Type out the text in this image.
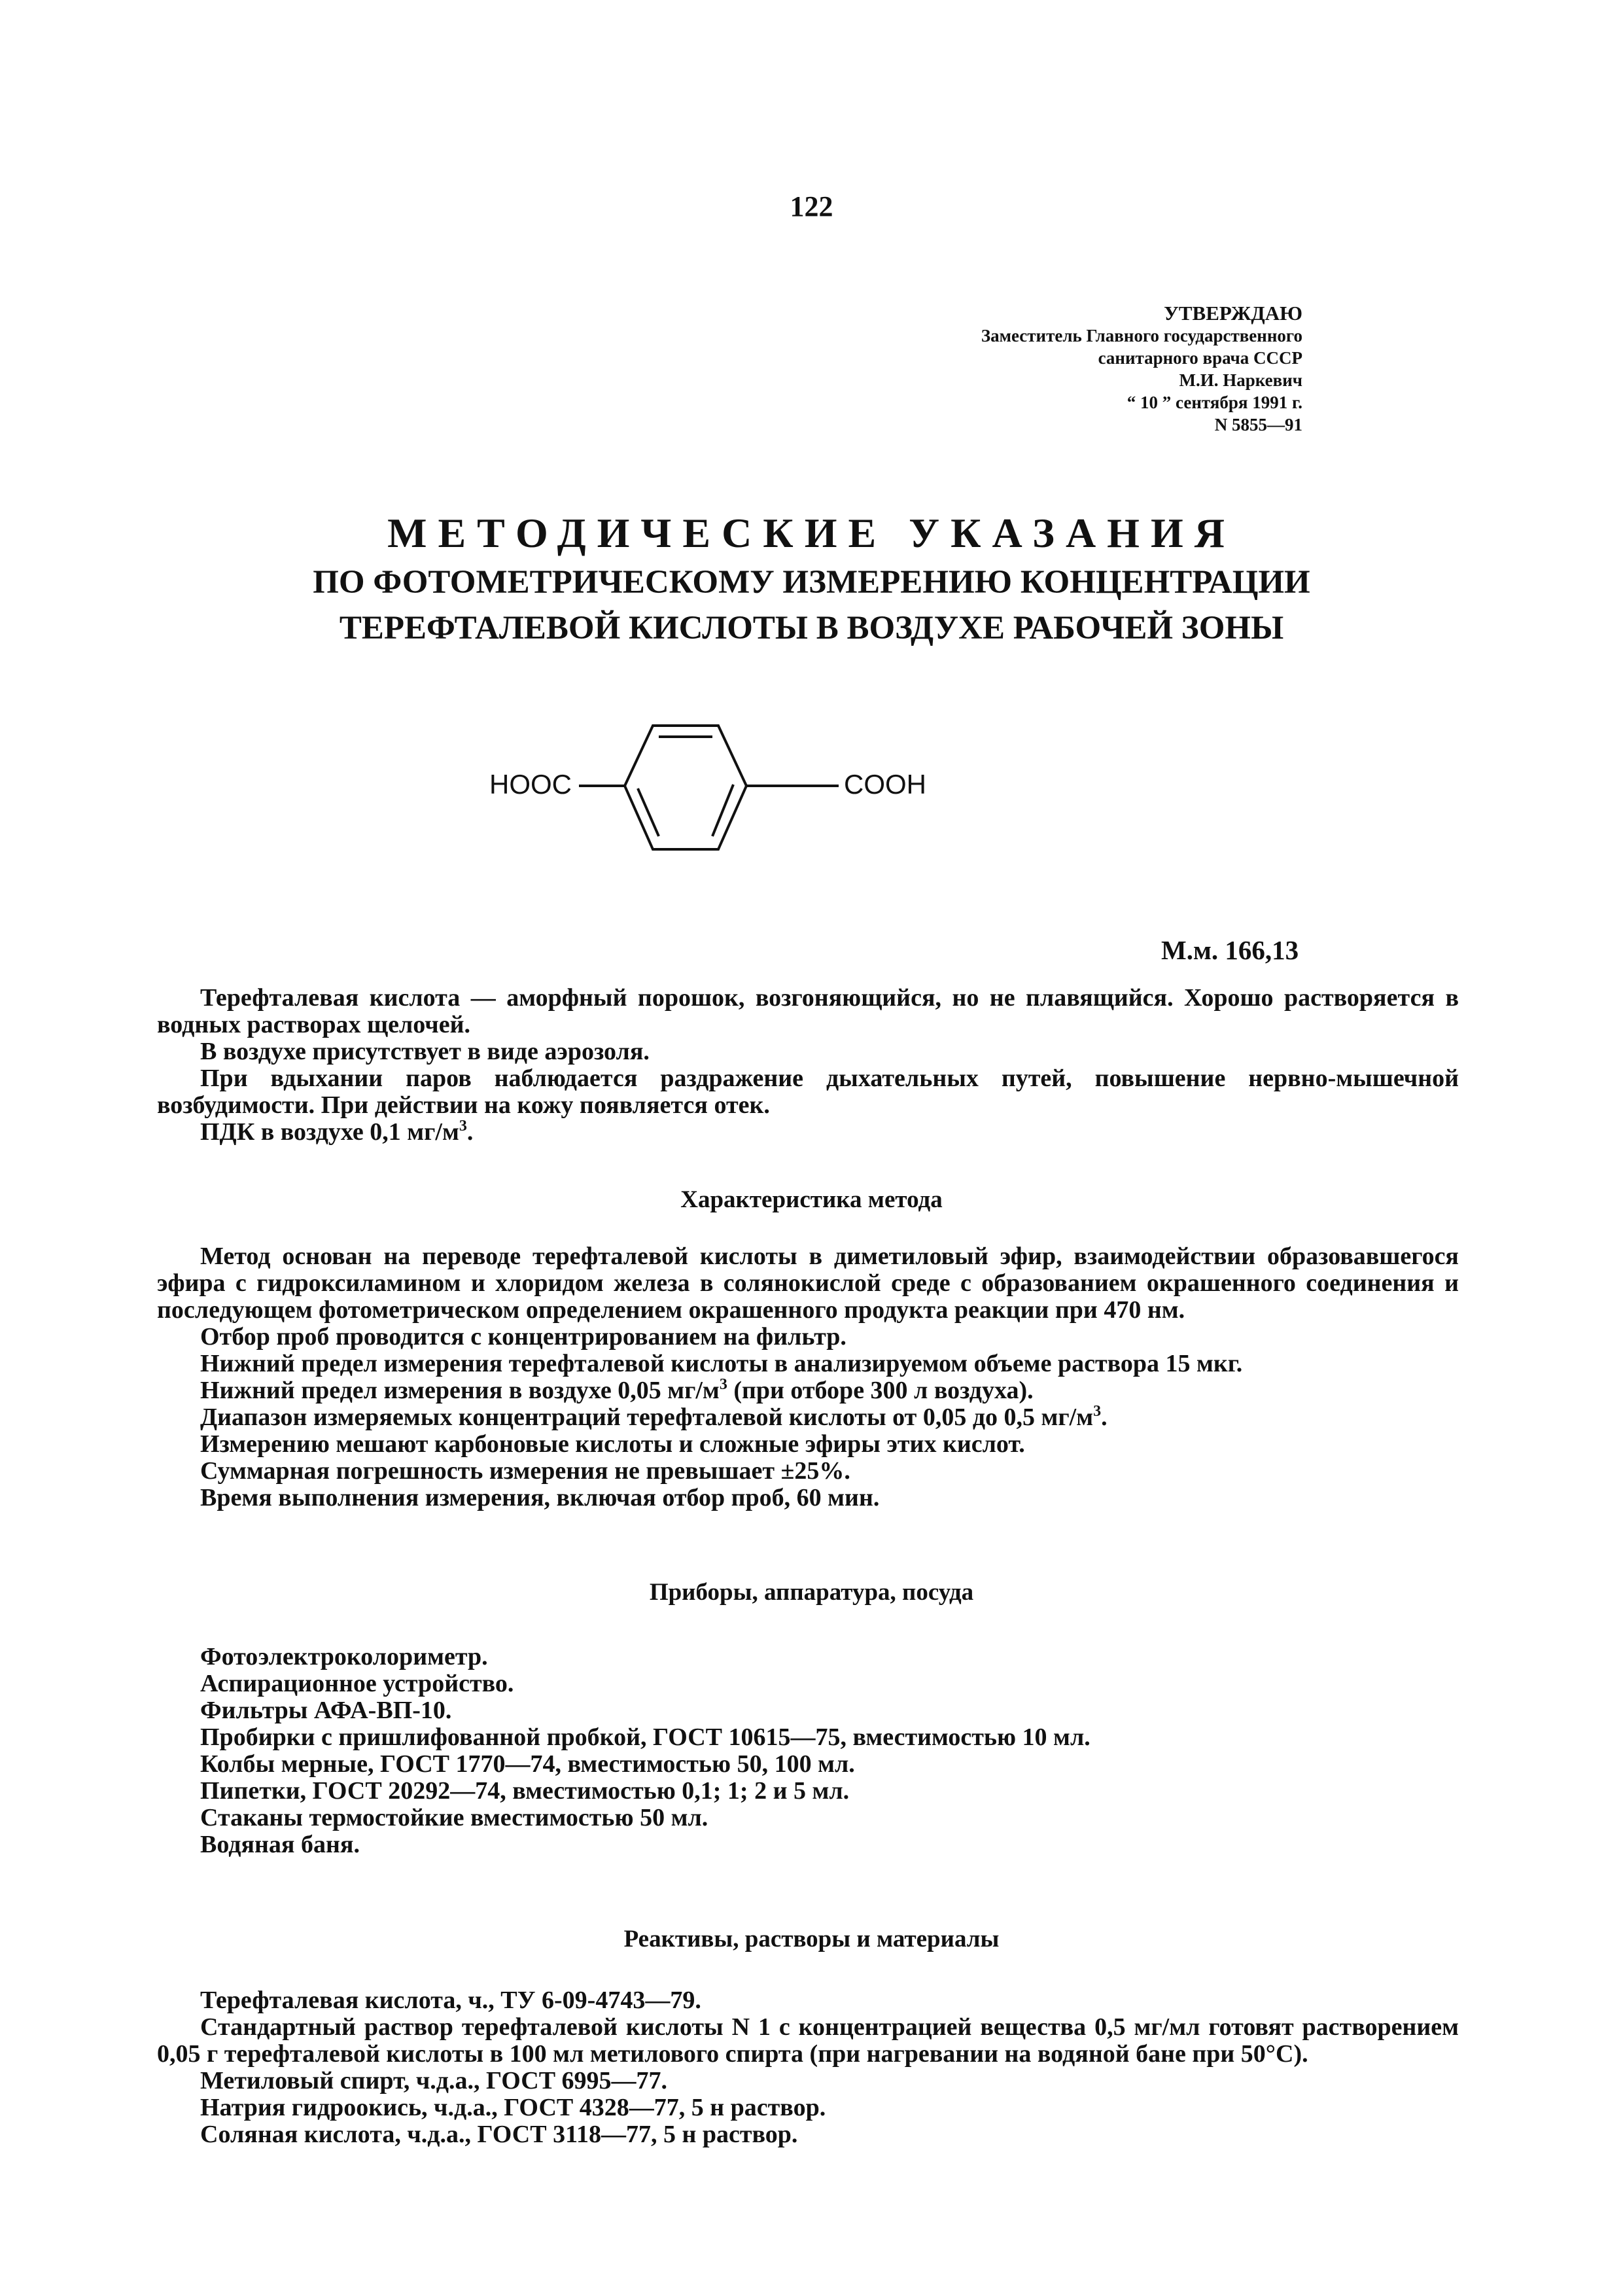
122
УТВЕРЖДАЮ
Заместитель Главного государственного
санитарного врача СССР
М.И. Наркевич
“ 10 ” сентября 1991 г.
N 5855—91
МЕТОДИЧЕСКИЕ УКАЗАНИЯ
ПО ФОТОМЕТРИЧЕСКОМУ ИЗМЕРЕНИЮ КОНЦЕНТРАЦИИ
ТЕРЕФТАЛЕВОЙ КИСЛОТЫ В ВОЗДУХЕ РАБОЧЕЙ ЗОНЫ
HOOC	COOH
М.м. 166,13

Терефталевая кислота — аморфный порошок, возгоняющийся, но не плавящийся. Хорошо растворяется в водных растворах щелочей.

В воздухе присутствует в виде аэрозоля.

При вдыхании паров наблюдается раздражение дыхательных путей, повышение нервно-мышечной возбудимости. При действии на кожу появляется отек.

ПДК в воздухе 0,1 $мг/м^3$.

Характеристика метода

Метод основан на переводе терефталевой кислоты в диметиловый эфир, взаимодействии образовавшегося эфира с гидроксиламином и хлоридом железа в солянокислой среде с образованием окрашенного соединения и последующем фотометрическом определением окрашенного продукта реакции при 470 нм.

Отбор проб проводится с концентрированием на фильтр.

Нижний предел измерения терефталевой кислоты в анализируемом объеме раствора 15 мкг.

Нижний предел измерения в воздухе 0,05 $мг/м^3$ (при отборе 300 л воздуха).

Диапазон измеряемых концентраций терефталевой кислоты от 0,05 до 0,5 $мг/м^3$.

Измерению мешают карбоновые кислоты и сложные эфиры этих кислот.

Суммарная погрешность измерения не превышает ±25%.

Время выполнения измерения, включая отбор проб, 60 мин.

Приборы, аппаратура, посуда

Фотоэлектроколориметр.

Аспирационное устройство.

Фильтры АФА-ВП-10.

Пробирки с пришлифованной пробкой, ГОСТ 10615—75, вместимостью 10 мл.

Колбы мерные, ГОСТ 1770—74, вместимостью 50, 100 мл.

Пипетки, ГОСТ 20292—74, вместимостью 0,1; 1; 2 и 5 мл.

Стаканы термостойкие вместимостью 50 мл.

Водяная баня.

Реактивы, растворы и материалы

Терефталевая кислота, ч., ТУ 6-09-4743—79.

Стандартный раствор терефталевой кислоты N 1 с концентрацией вещества 0,5 мг/мл готовят растворением 0,05 г терефталевой кислоты в 100 мл метилового спирта (при нагревании на водяной бане при 50°С).

Метиловый спирт, ч.д.а., ГОСТ 6995—77.

Натрия гидроокись, ч.д.а., ГОСТ 4328—77, 5 н раствор.

Соляная кислота, ч.д.а., ГОСТ 3118—77, 5 н раствор.
